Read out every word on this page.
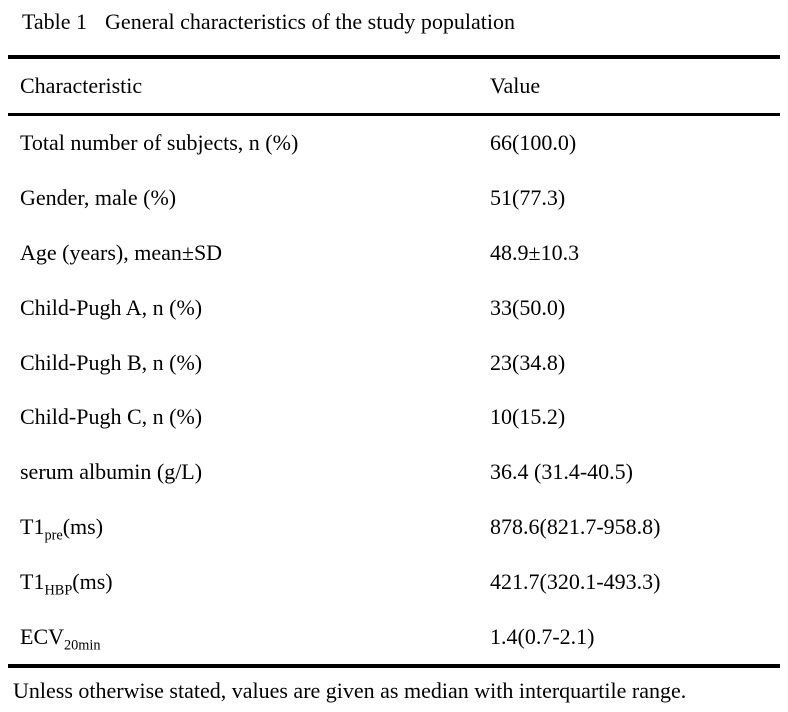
Table 1 General characteristics of the study population
Characteristic	Value
Total number of subjects, n (%)	66(100.0)
Gender, male (%)	51(77.3)
Age (years), mean±SD	48.9±10.3
Child-Pugh A, n (%)	33(50.0)
Child-Pugh B, n (%)	23(34.8)
Child-Pugh C, n (%)	10(15.2)
serum albumin (g/L)	36.4 (31.4-40.5)
$T1_{pre}(ms)$	878.6(821.7-958.8)
$T1_{HBP}(ms)$	421.7(320.1-493.3)
$ECV_{20min}$	1.4(0.7-2.1)
Unless otherwise stated, values are given as median with interquartile range.
